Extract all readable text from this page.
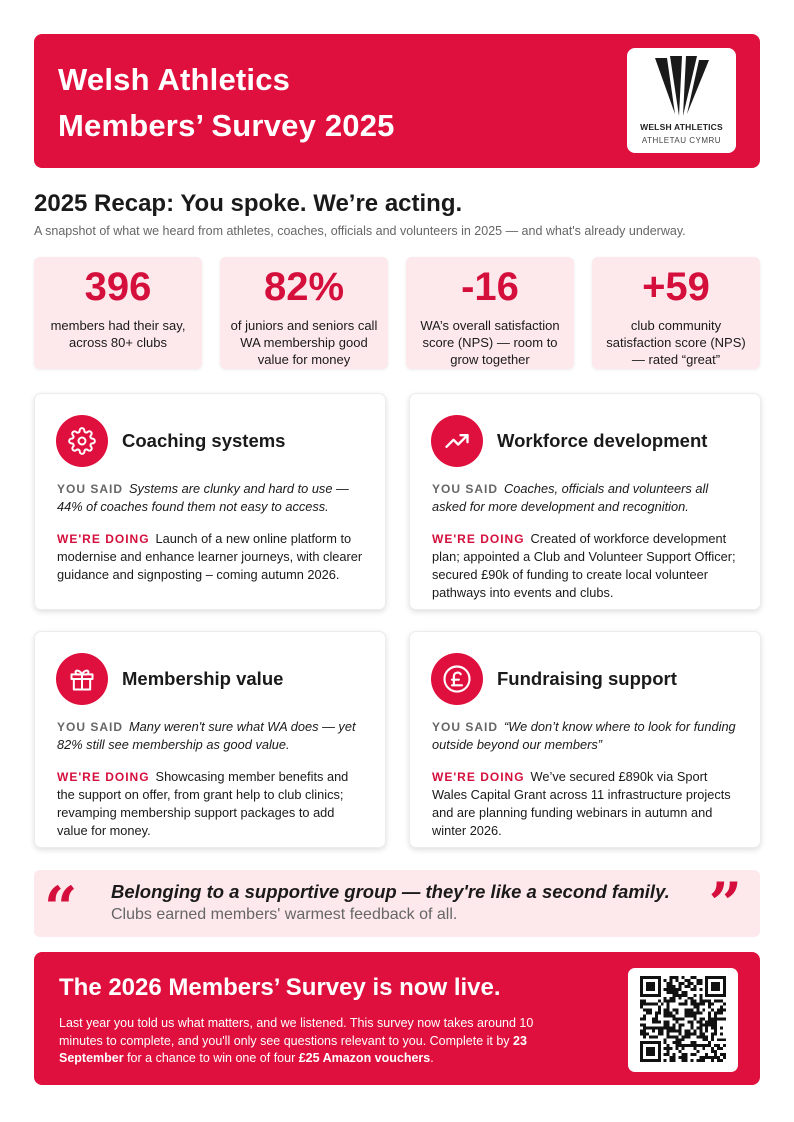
Welsh Athletics
Members’ Survey 2025	WELSH ATHLETICS
ATHLETAU CYMRU
2025 Recap: You spoke. We’re acting.
A snapshot of what we heard from athletes, coaches, officials and volunteers in 2025 — and what's already underway.
396
members had their say, across 80+ clubs
82%
of juniors and seniors call WA membership good value for money
-16
WA’s overall satisfaction score (NPS) — room to grow together
+59
club community satisfaction score (NPS) — rated “great”
Coaching systems
YOU SAID Systems are clunky and hard to use — 44% of coaches found them not easy to access.
WE'RE DOING Launch of a new online platform to modernise and enhance learner journeys, with clearer guidance and signposting – coming autumn 2026.
Workforce development
YOU SAID Coaches, officials and volunteers all asked for more development and recognition.
WE'RE DOING Created of workforce development plan; appointed a Club and Volunteer Support Officer; secured £90k of funding to create local volunteer pathways into events and clubs.
Membership value
YOU SAID Many weren't sure what WA does — yet 82% still see membership as good value.
WE'RE DOING Showcasing member benefits and the support on offer, from grant help to club clinics; revamping membership support packages to add value for money.
Fundraising support
YOU SAID “We don’t know where to look for funding outside beyond our members”
WE'RE DOING We’ve secured £890k via Sport Wales Capital Grant across 11 infrastructure projects and are planning funding webinars in autumn and winter 2026.
“ Belonging to a supportive group — they're like a second family.
Clubs earned members' warmest feedback of all.	”
The 2026 Members’ Survey is now live.
Last year you told us what matters, and we listened. This survey now takes around 10 minutes to complete, and you'll only see questions relevant to you. Complete it by 23 September for a chance to win one of four £25 Amazon vouchers.
